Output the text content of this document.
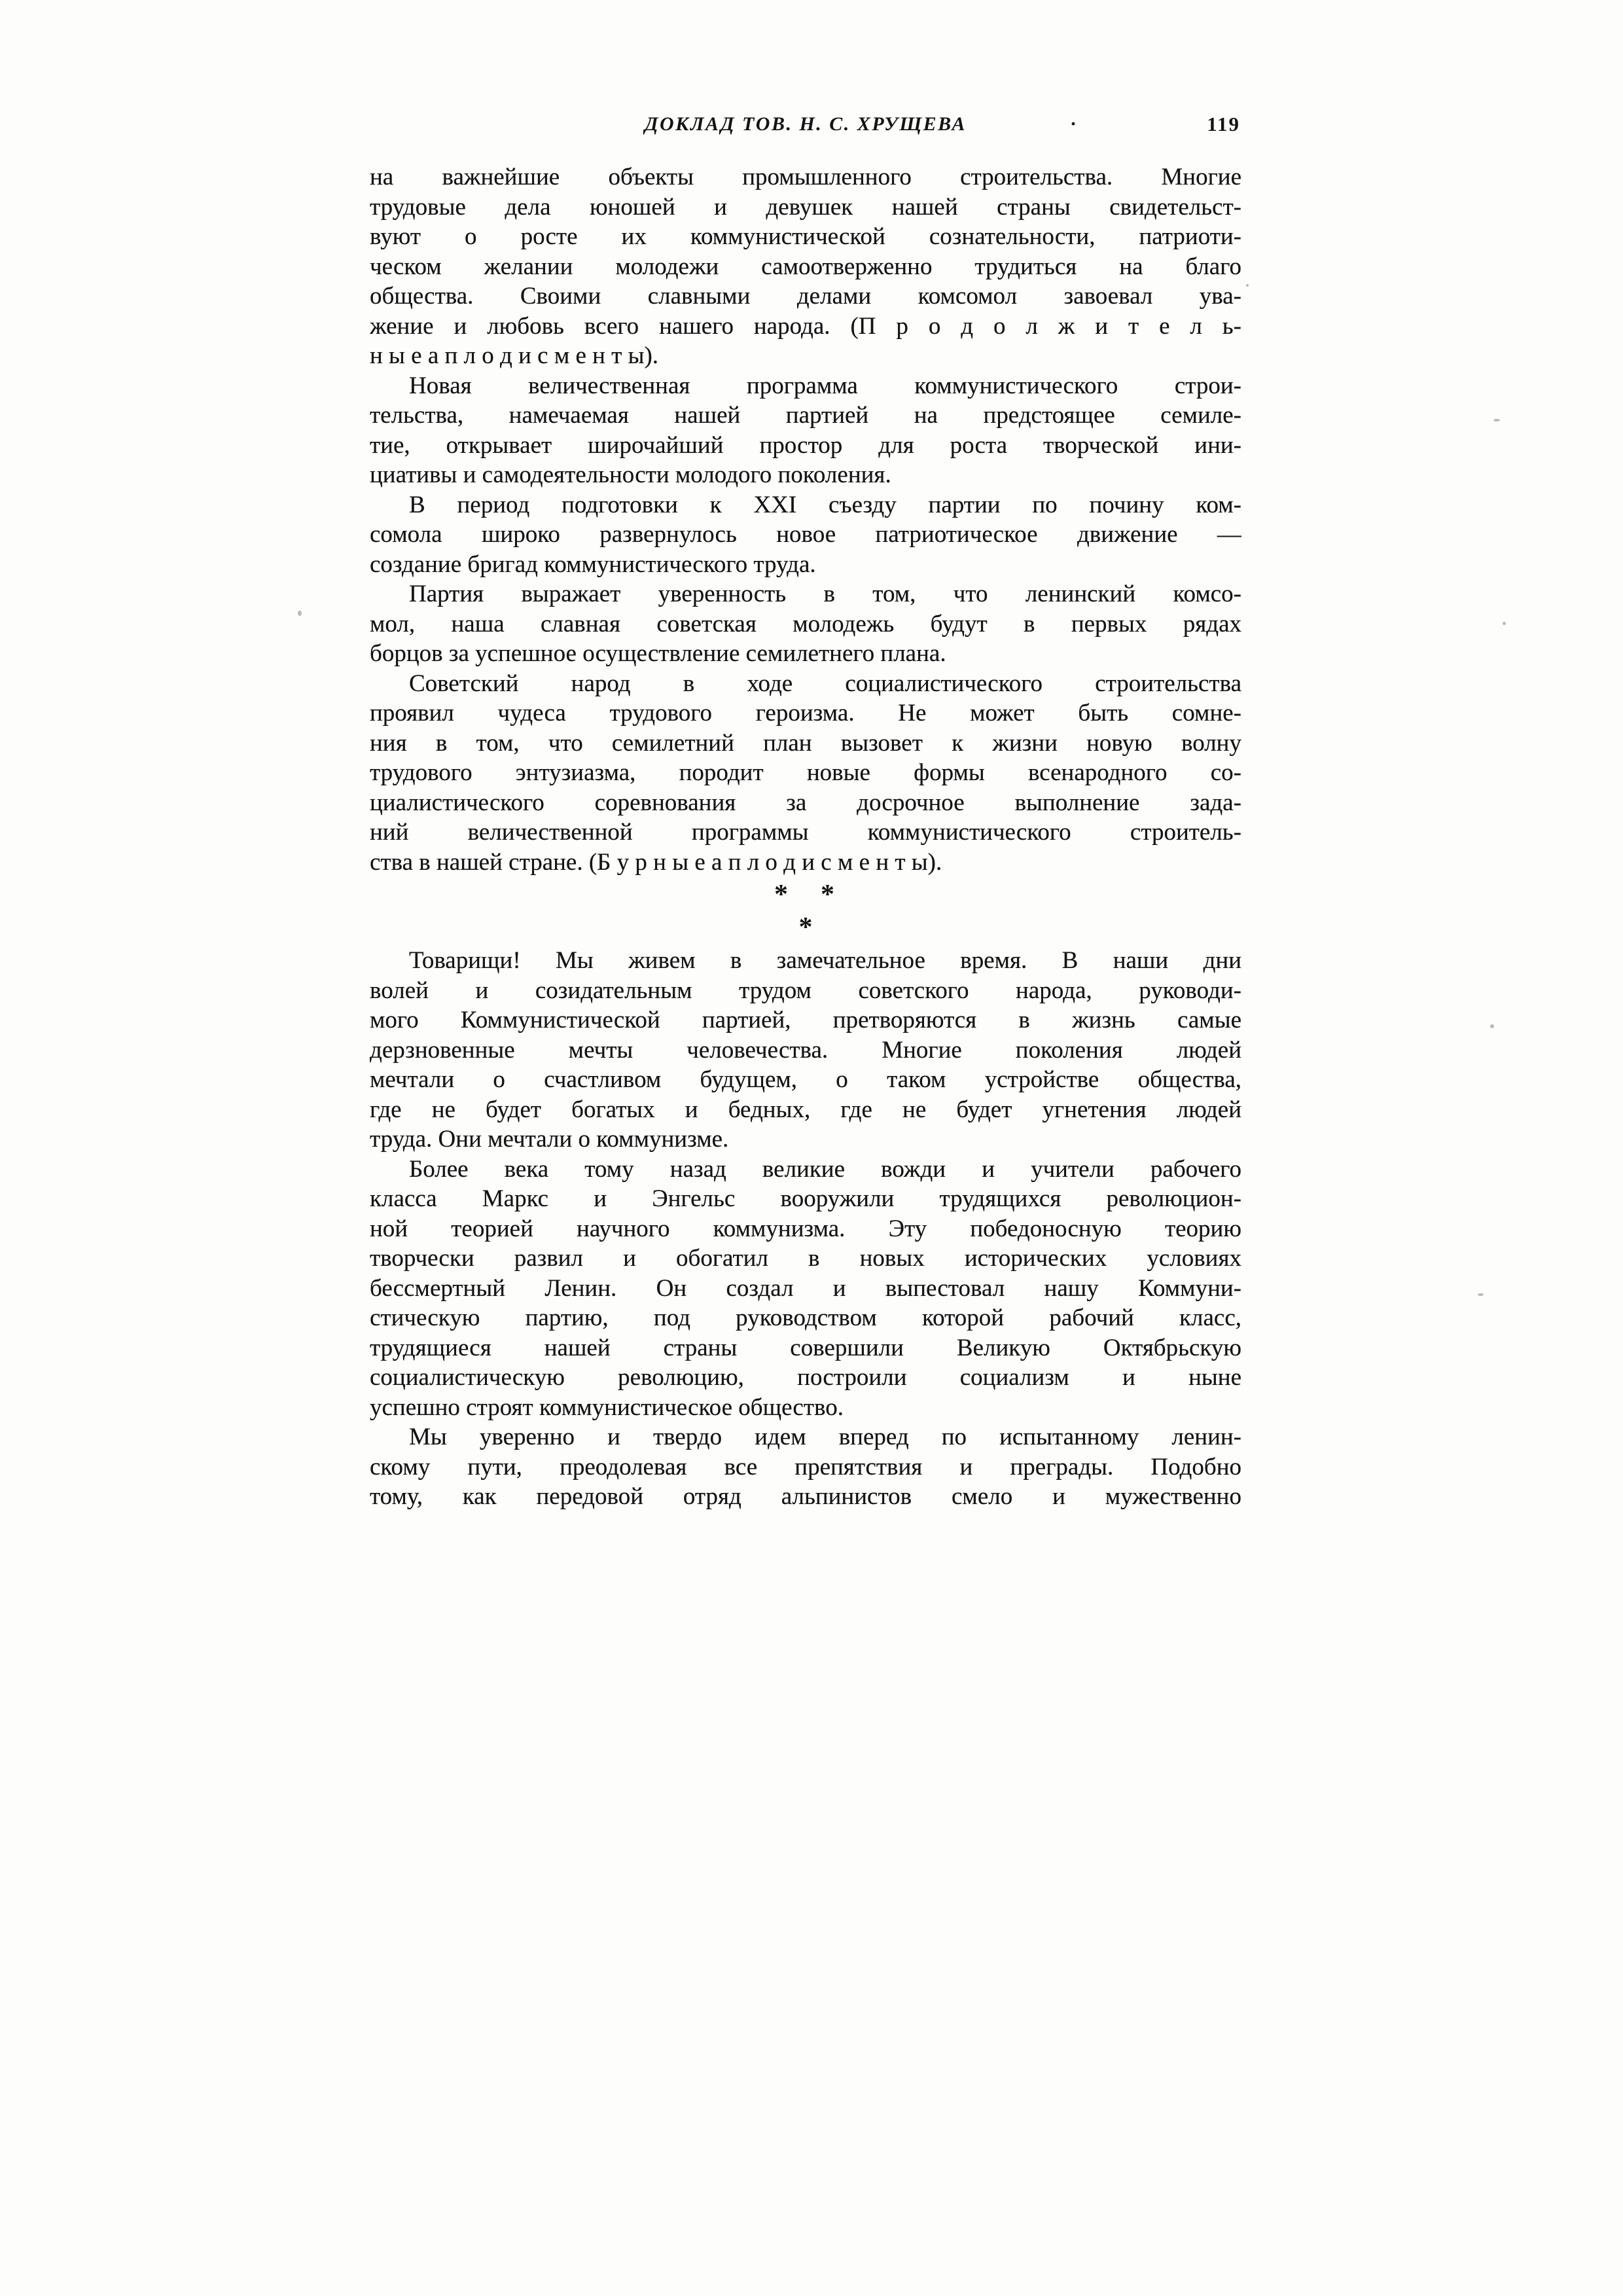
ДОКЛАД ТОВ. Н. С. ХРУЩЕВА	·	119
на важнейшие объекты промышленного строительства. Многие
трудовые дела юношей и девушек нашей страны свидетельст-
вуют о росте их коммунистической сознательности, патриоти-
ческом желании молодежи самоотверженно трудиться на благо
общества. Своими славными делами комсомол завоевал ува-
жение и любовь всего нашего народа. (П р о д о л ж и т е л ь-
н ы е а п л о д и с м е н т ы).
Новая величественная программа коммунистического строи-
тельства, намечаемая нашей партией на предстоящее семиле-
тие, открывает широчайший простор для роста творческой ини-
циативы и самодеятельности молодого поколения.
В период подготовки к XXI съезду партии по почину ком-
сомола широко развернулось новое патриотическое движение —
создание бригад коммунистического труда.
Партия выражает уверенность в том, что ленинский комсо-
мол, наша славная советская молодежь будут в первых рядах
борцов за успешное осуществление семилетнего плана.
Советский народ в ходе социалистического строительства
проявил чудеса трудового героизма. Не может быть сомне-
ния в том, что семилетний план вызовет к жизни новую волну
трудового энтузиазма, породит новые формы всенародного со-
циалистического соревнования за досрочное выполнение зада-
ний величественной программы коммунистического строитель-
ства в нашей стране. (Б у р н ы е а п л о д и с м е н т ы).
* *
*
Товарищи! Мы живем в замечательное время. В наши дни
волей и созидательным трудом советского народа, руководи-
мого Коммунистической партией, претворяются в жизнь самые
дерзновенные мечты человечества. Многие поколения людей
мечтали о счастливом будущем, о таком устройстве общества,
где не будет богатых и бедных, где не будет угнетения людей
труда. Они мечтали о коммунизме.
Более века тому назад великие вожди и учители рабочего
класса Маркс и Энгельс вооружили трудящихся революцион-
ной теорией научного коммунизма. Эту победоносную теорию
творчески развил и обогатил в новых исторических условиях
бессмертный Ленин. Он создал и выпестовал нашу Коммуни-
стическую партию, под руководством которой рабочий класс,
трудящиеся нашей страны совершили Великую Октябрьскую
социалистическую революцию, построили социализм и ныне
успешно строят коммунистическое общество.
Мы уверенно и твердо идем вперед по испытанному ленин-
скому пути, преодолевая все препятствия и преграды. Подобно
тому, как передовой отряд альпинистов смело и мужественно
